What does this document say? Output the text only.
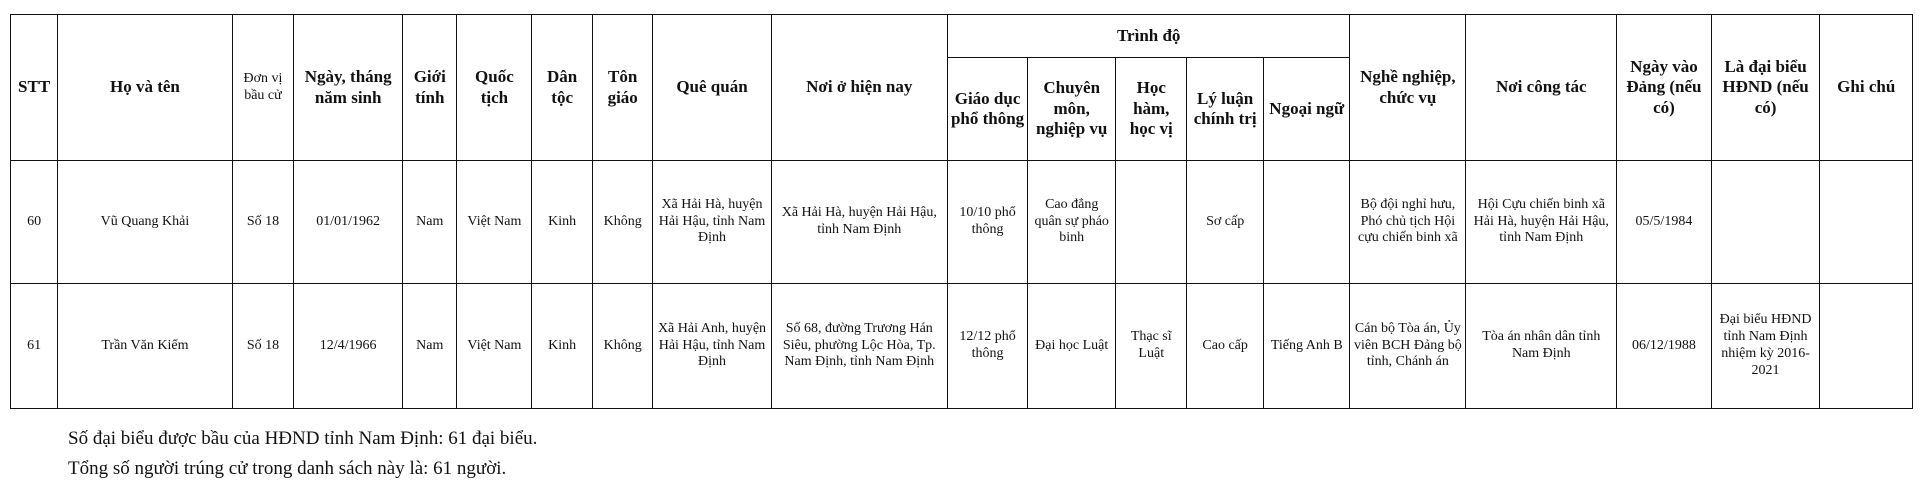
STT	Họ và tên	Đơn vị bầu cử	Ngày, tháng năm sinh	Giới tính	Quốc tịch	Dân tộc	Tôn giáo	Quê quán	Nơi ở hiện nay	Trình độ					Nghề nghiệp, chức vụ	Nơi công tác	Ngày vào Đảng (nếu có)	Là đại biểu HĐND (nếu có)	Ghi chú
										Giáo dục phổ thông	Chuyên môn, nghiệp vụ	Học hàm, học vị	Lý luận chính trị	Ngoại ngữ					
60	Vũ Quang Khải	Số 18	01/01/1962	Nam	Việt Nam	Kinh	Không	Xã Hải Hà, huyện Hải Hậu, tỉnh Nam Định	Xã Hải Hà, huyện Hải Hậu, tỉnh Nam Định	10/10 phổ thông	Cao đẳng quân sự pháo binh		Sơ cấp		Bộ đội nghỉ hưu, Phó chủ tịch Hội cựu chiến binh xã	Hội Cựu chiến binh xã Hải Hà, huyện Hải Hậu, tỉnh Nam Định	05/5/1984		
61	Trần Văn Kiểm	Số 18	12/4/1966	Nam	Việt Nam	Kinh	Không	Xã Hải Anh, huyện Hải Hậu, tỉnh Nam Định	Số 68, đường Trương Hán Siêu, phường Lộc Hòa, Tp. Nam Định, tỉnh Nam Định	12/12 phổ thông	Đại học Luật	Thạc sĩ Luật	Cao cấp	Tiếng Anh B	Cán bộ Tòa án, Ủy viên BCH Đảng bộ tỉnh, Chánh án	Tòa án nhân dân tỉnh Nam Định	06/12/1988	Đại biểu HĐND tỉnh Nam Định nhiệm kỳ 2016-2021	
Số đại biểu được bầu của HĐND tỉnh Nam Định: 61 đại biểu.
Tổng số người trúng cử trong danh sách này là: 61 người.
